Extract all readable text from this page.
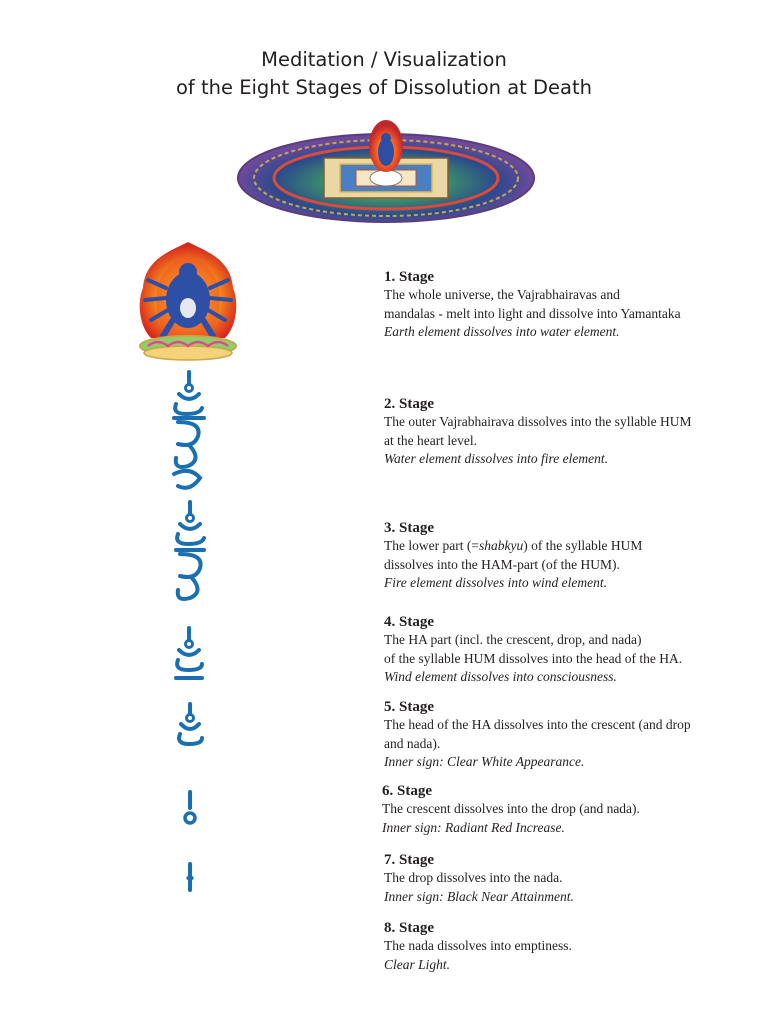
Meditation / Visualization
of the Eight Stages of Dissolution at Death
1. Stage
The whole universe, the Vajrabhairavas and
mandalas - melt into light and dissolve into Yamantaka
Earth element dissolves into water element.
2. Stage
The outer Vajrabhairava dissolves into the syllable HUM
at the heart level.
Water element dissolves into fire element.
3. Stage
The lower part (=shabkyu) of the syllable HUM
dissolves into the HAM-part (of the HUM).
Fire element dissolves into wind element.
4. Stage
The HA part (incl. the crescent, drop, and nada)
of the syllable HUM dissolves into the head of the HA.
Wind element dissolves into consciousness.
5. Stage
The head of the HA dissolves into the crescent (and drop
and nada).
Inner sign: Clear White Appearance.
6. Stage
The crescent dissolves into the drop (and nada).
Inner sign: Radiant Red Increase.
7. Stage
The drop dissolves into the nada.
Inner sign: Black Near Attainment.
8. Stage
The nada dissolves into emptiness.
Clear Light.
